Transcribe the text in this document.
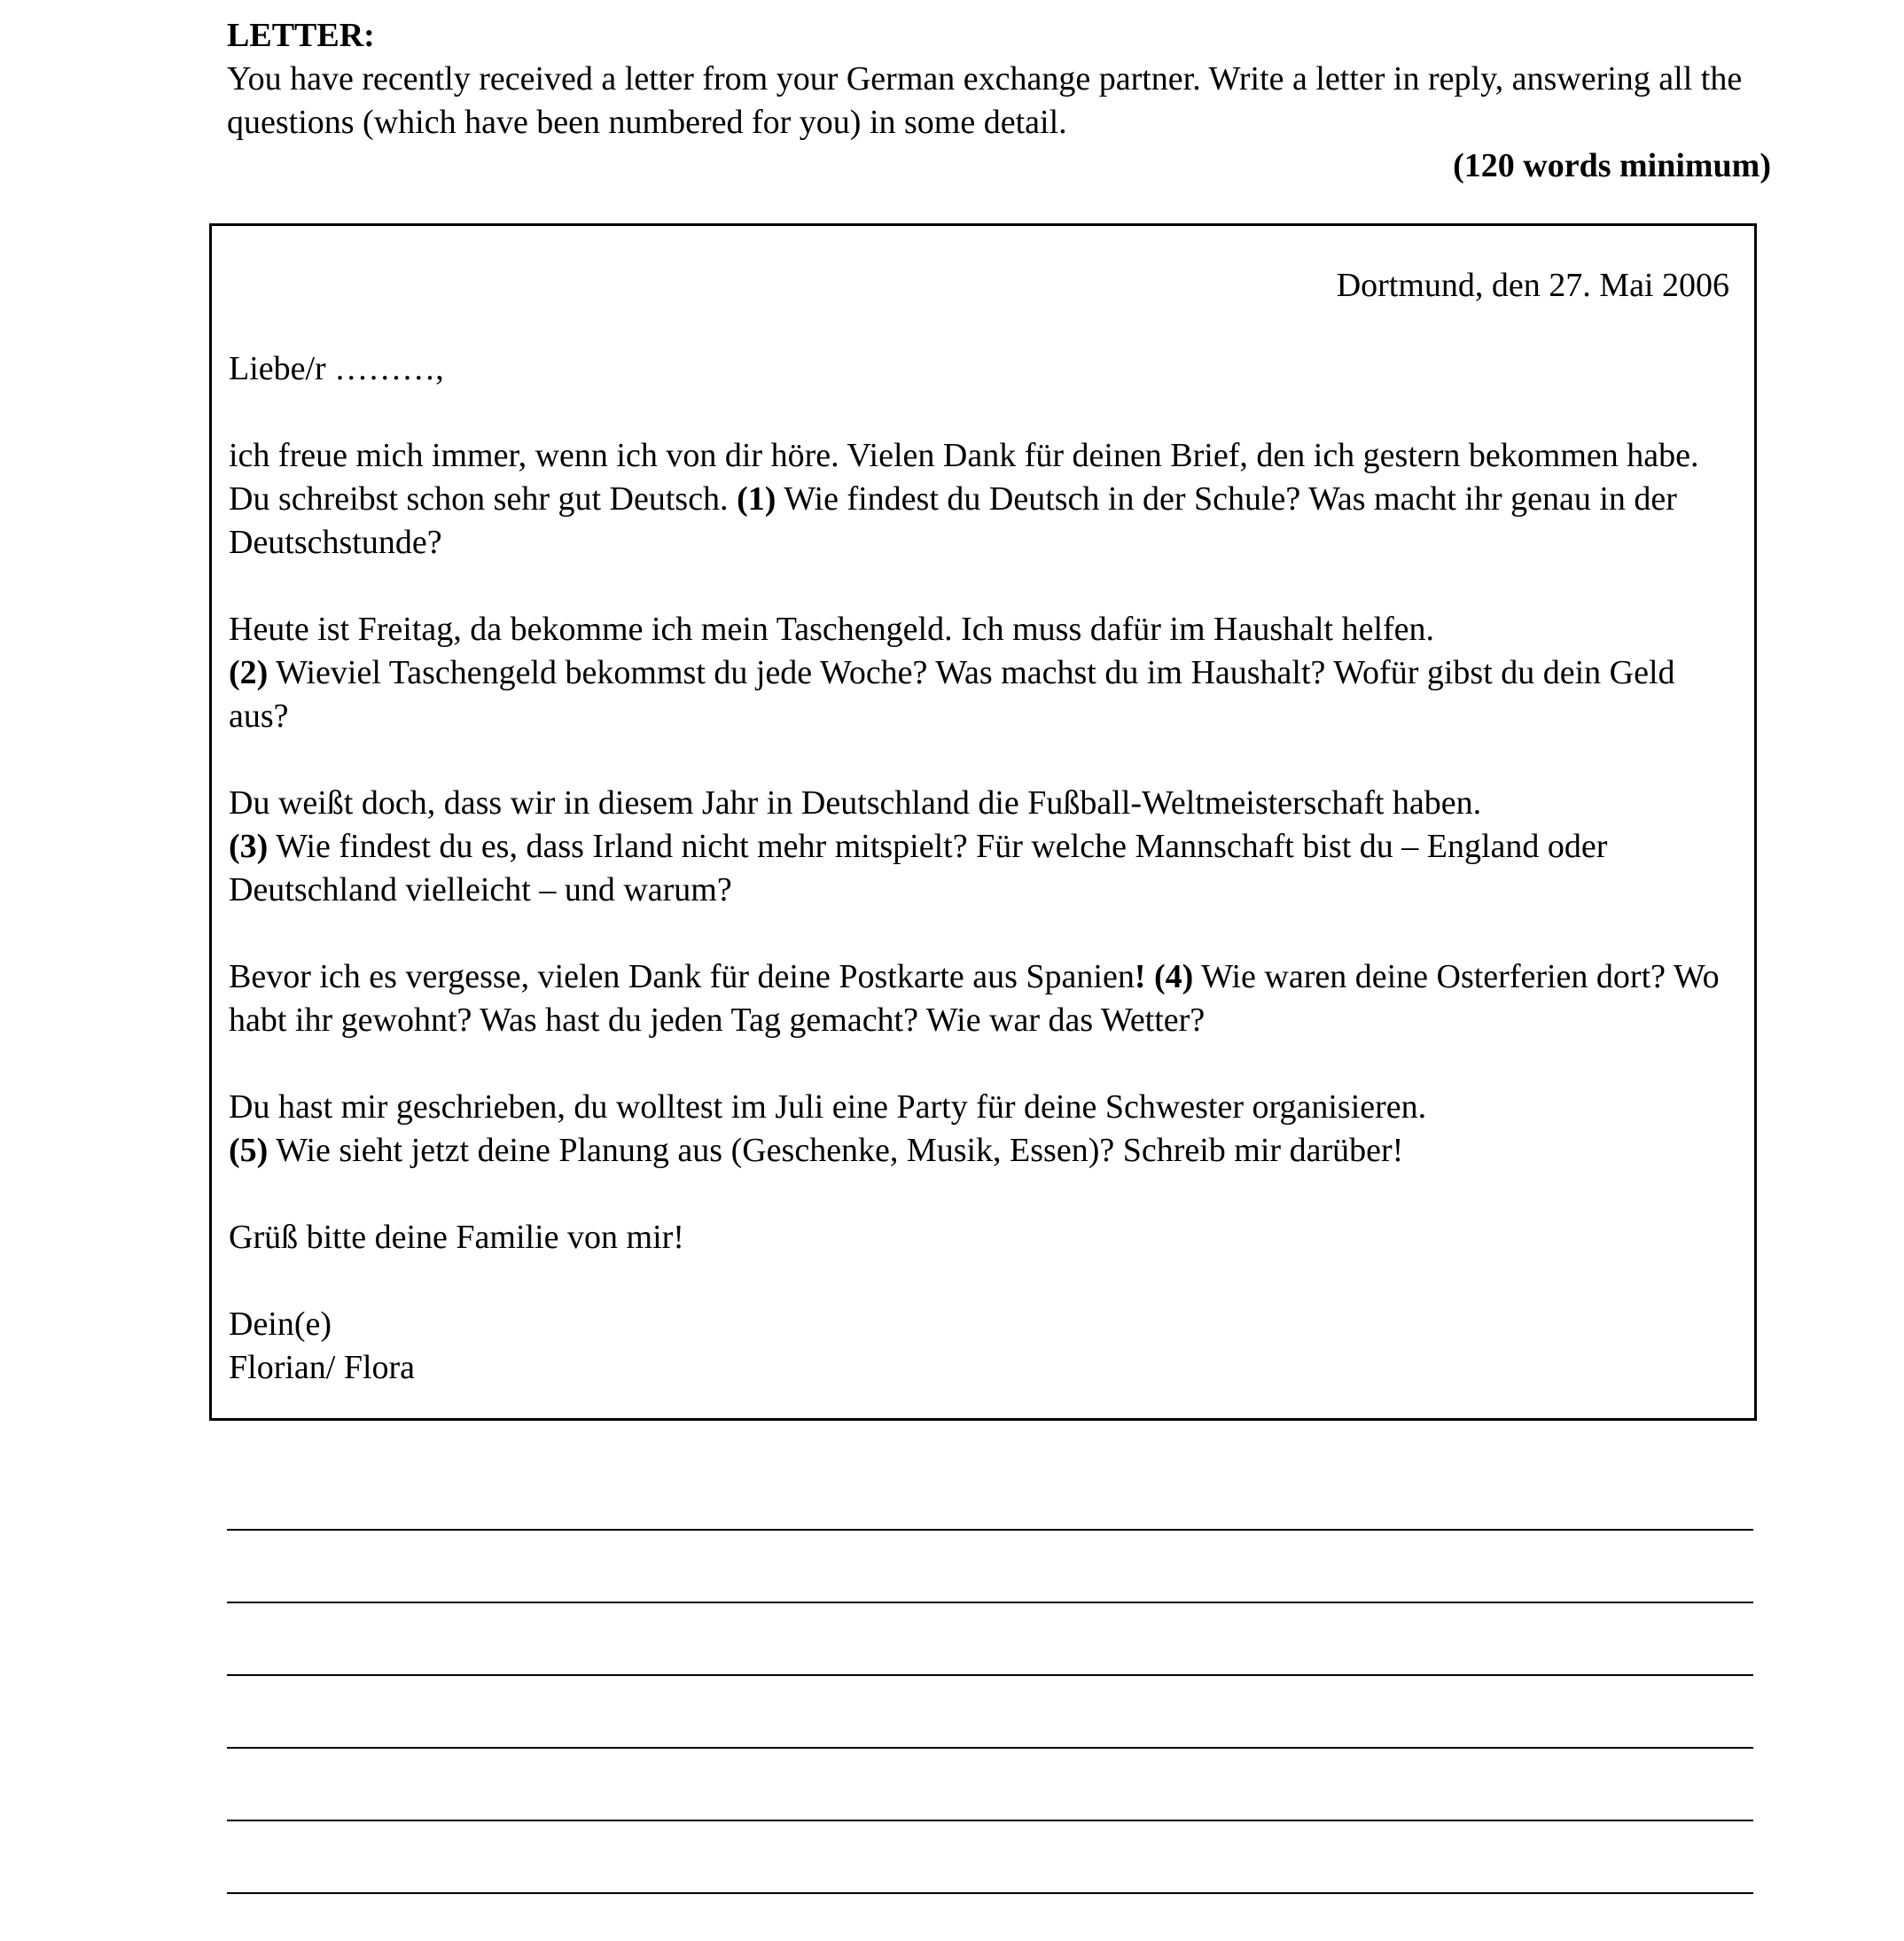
LETTER:
You have recently received a letter from your German exchange partner. Write a letter in reply, answering all the questions (which have been numbered for you) in some detail.
(120 words minimum)
Dortmund, den 27. Mai 2006

Liebe/r ………,

ich freue mich immer, wenn ich von dir höre. Vielen Dank für deinen Brief, den ich gestern bekommen habe. Du schreibst schon sehr gut Deutsch. (1) Wie findest du Deutsch in der Schule? Was macht ihr genau in der Deutschstunde?

Heute ist Freitag, da bekomme ich mein Taschengeld. Ich muss dafür im Haushalt helfen.
(2) Wieviel Taschengeld bekommst du jede Woche? Was machst du im Haushalt? Wofür gibst du dein Geld aus?

Du weißt doch, dass wir in diesem Jahr in Deutschland die Fußball-Weltmeisterschaft haben.
(3) Wie findest du es, dass Irland nicht mehr mitspielt? Für welche Mannschaft bist du – England oder Deutschland vielleicht – und warum?

Bevor ich es vergesse, vielen Dank für deine Postkarte aus Spanien! (4) Wie waren deine Osterferien dort? Wo habt ihr gewohnt? Was hast du jeden Tag gemacht? Wie war das Wetter?

Du hast mir geschrieben, du wolltest im Juli eine Party für deine Schwester organisieren.
(5) Wie sieht jetzt deine Planung aus (Geschenke, Musik, Essen)? Schreib mir darüber!

Grüß bitte deine Familie von mir!

Dein(e)
Florian/ Flora
